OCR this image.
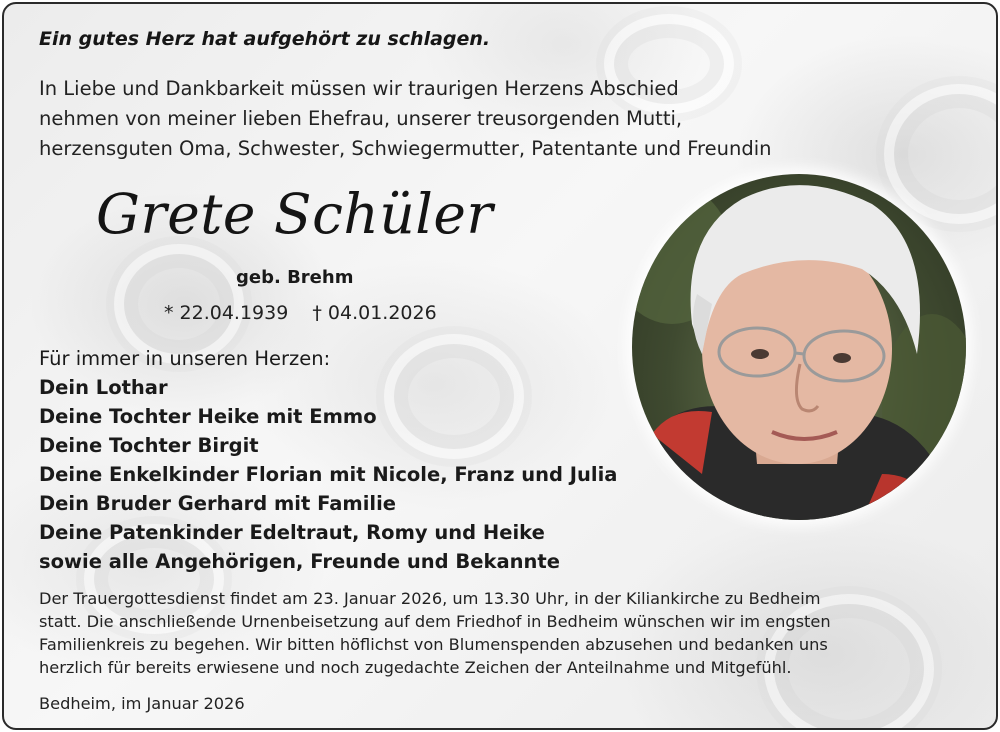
Ein gutes Herz hat aufgehört zu schlagen.
In Liebe und Dankbarkeit müssen wir traurigen Herzens Abschied
nehmen von meiner lieben Ehefrau, unserer treusorgenden Mutti,
herzensguten Oma, Schwester, Schwiegermutter, Patentante und Freundin
Grete Schüler
geb. Brehm
* 22.04.1939 † 04.01.2026
Für immer in unseren Herzen:
Dein Lothar
Deine Tochter Heike mit Emmo
Deine Tochter Birgit
Deine Enkelkinder Florian mit Nicole, Franz und Julia
Dein Bruder Gerhard mit Familie
Deine Patenkinder Edeltraut, Romy und Heike
sowie alle Angehörigen, Freunde und Bekannte
Der Trauergottesdienst findet am 23. Januar 2026, um 13.30 Uhr, in der Kiliankirche zu Bedheim
statt. Die anschließende Urnenbeisetzung auf dem Friedhof in Bedheim wünschen wir im engsten
Familienkreis zu begehen. Wir bitten höflichst von Blumenspenden abzusehen und bedanken uns
herzlich für bereits erwiesene und noch zugedachte Zeichen der Anteilnahme und Mitgefühl.
Bedheim, im Januar 2026
